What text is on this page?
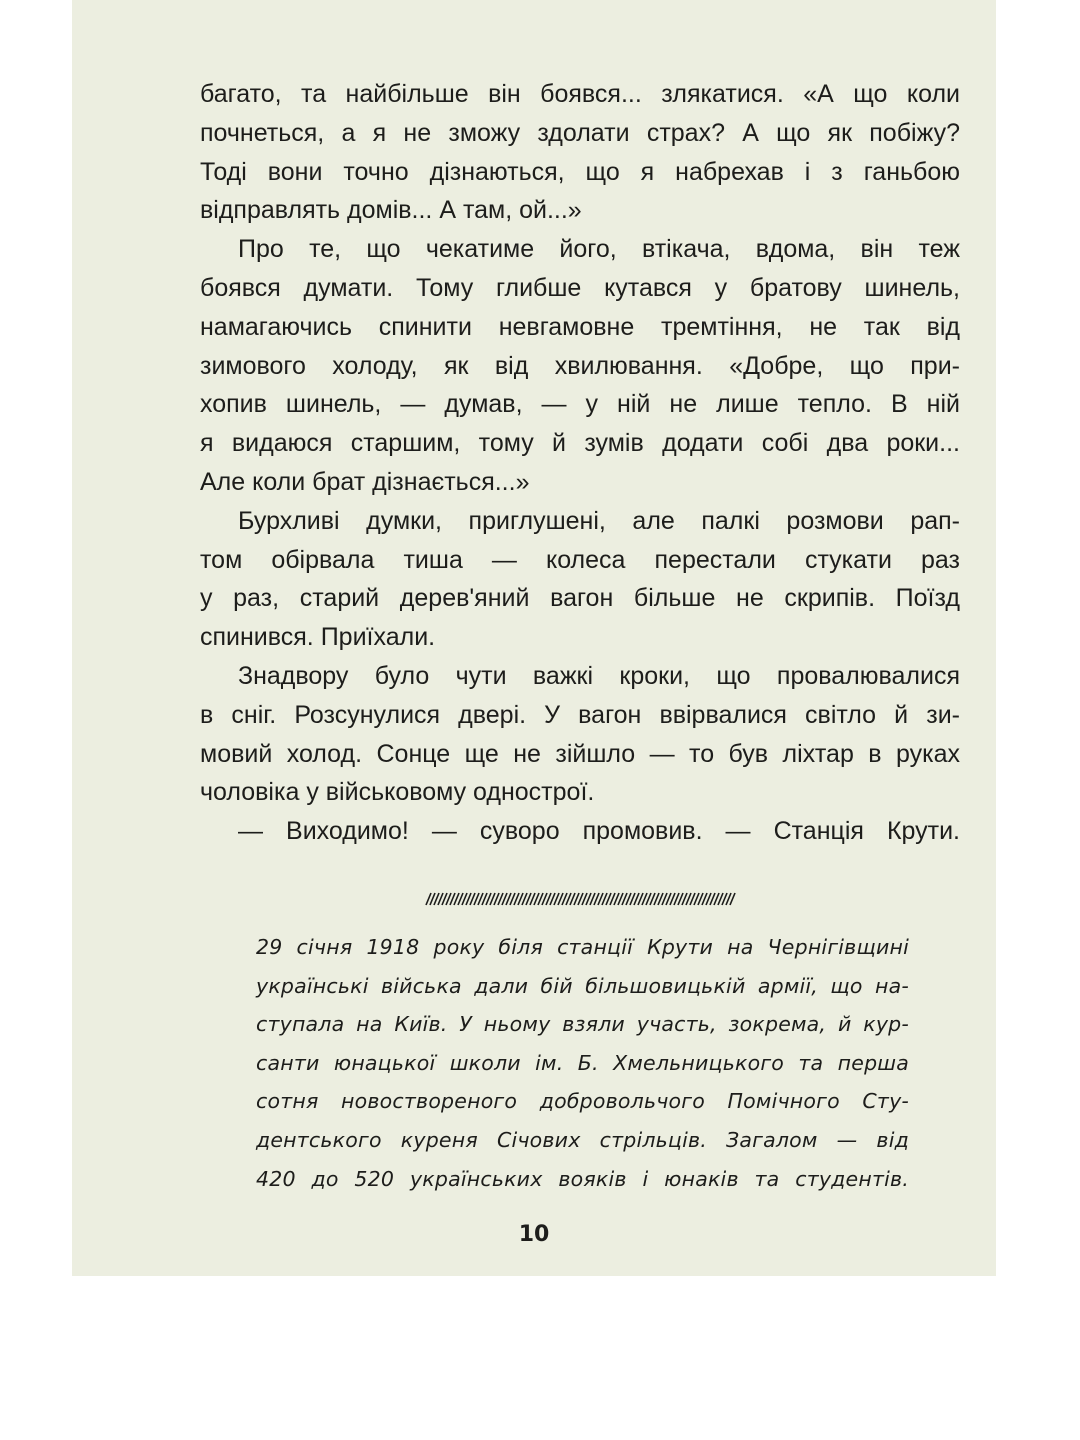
багато, та найбільше він боявся... злякатися. «А що коли
почнеться, а я не зможу здолати страх? А що як побіжу?
Тоді вони точно дізнаються, що я набрехав і з ганьбою
відправлять домів... А там, ой...»

Про те, що чекатиме його, втікача, вдома, він теж
боявся думати. Тому глибше кутався у братову шинель,
намагаючись спинити невгамовне тремтіння, не так від
зимового холоду, як від хвилювання. «Добре, що при-
хопив шинель, — думав, — у ній не лише тепло. В ній
я видаюся старшим, тому й зумів додати собі два роки...
Але коли брат дізнається...»

Бурхливі думки, приглушені, але палкі розмови рап-
том обірвала тиша — колеса перестали стукати раз
у раз, старий дерев'яний вагон більше не скрипів. Поїзд
спинився. Приїхали.

Знадвору було чути важкі кроки, що провалювалися
в сніг. Розсунулися двері. У вагон ввірвалися світло й зи-
мовий холод. Сонце ще не зійшло — то був ліхтар в руках
чоловіка у військовому однострої.

— Виходимо! — суворо промовив. — Станція Крути.

29 січня 1918 року біля станції Крути на Чернігівщині
українські війська дали бій більшовицькій армії, що на-
ступала на Київ. У ньому взяли участь, зокрема, й кур-
санти юнацької школи ім. Б. Хмельницького та перша
сотня новоствореного добровольчого Помічного Сту-
дентського куреня Січових стрільців. Загалом — від
420 до 520 українських вояків і юнаків та студентів.
10
